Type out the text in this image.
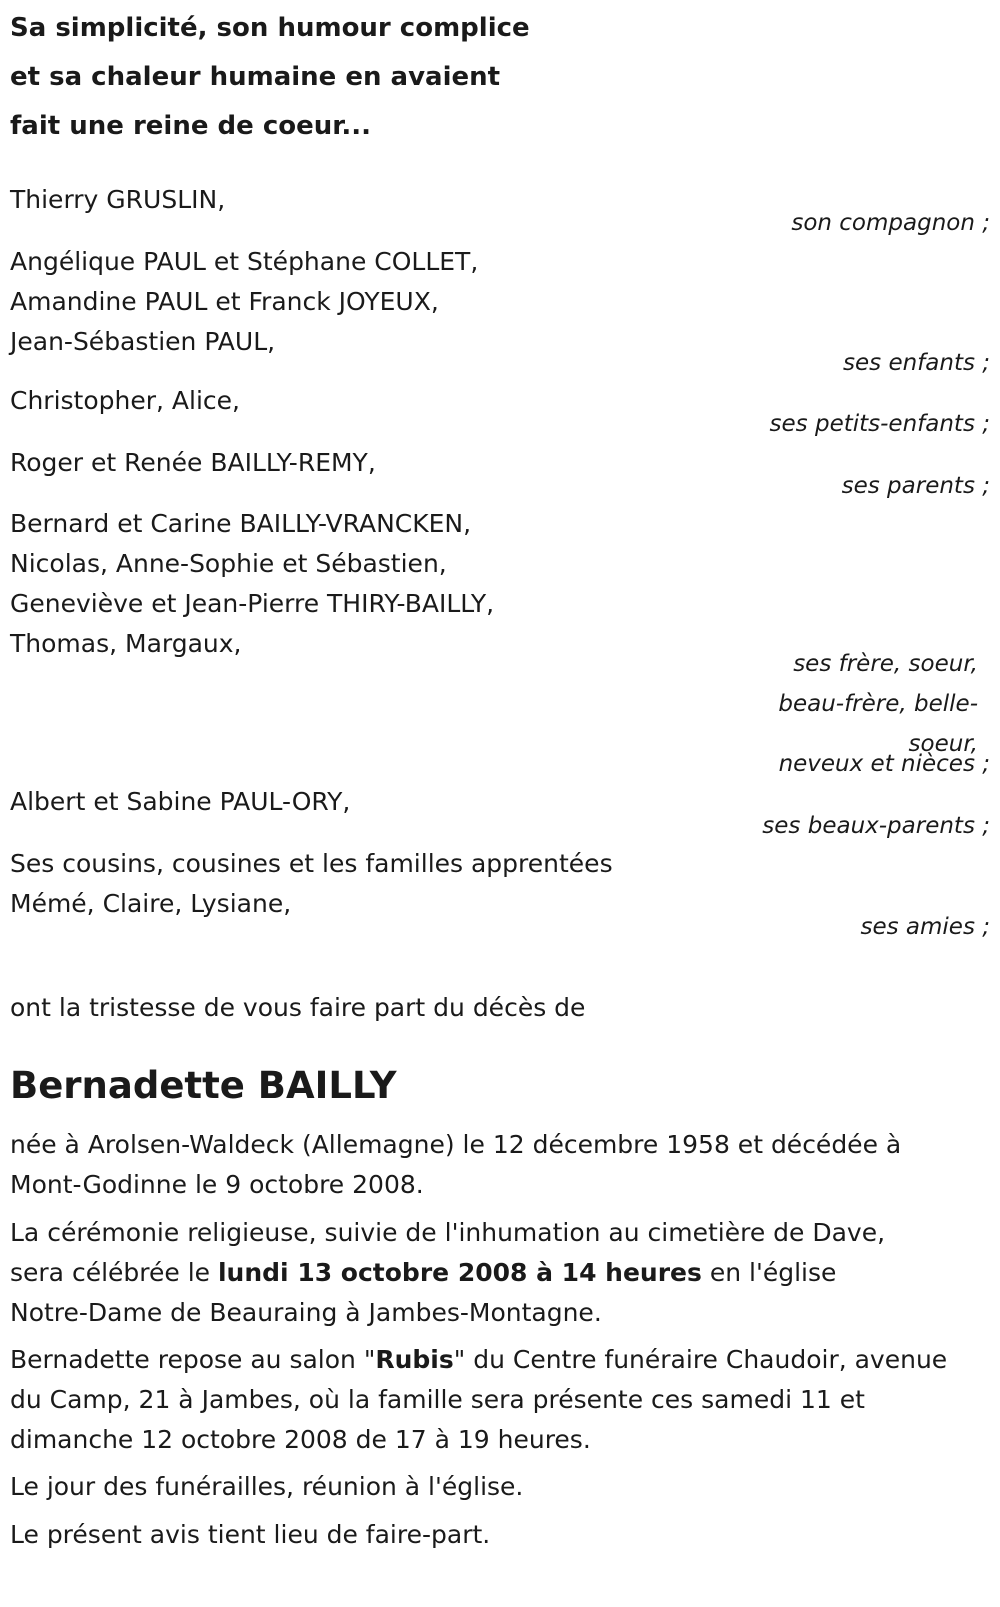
Sa simplicité, son humour complice
et sa chaleur humaine en avaient
fait une reine de coeur...
Thierry GRUSLIN,
son compagnon ;
Angélique PAUL et Stéphane COLLET,
Amandine PAUL et Franck JOYEUX,
Jean-Sébastien PAUL,
ses enfants ;
Christopher, Alice,
ses petits-enfants ;
Roger et Renée BAILLY-REMY,
ses parents ;
Bernard et Carine BAILLY-VRANCKEN,
Nicolas, Anne-Sophie et Sébastien,
Geneviève et Jean-Pierre THIRY-BAILLY,
Thomas, Margaux,
ses frère, soeur,
beau-frère, belle-
soeur,
neveux et nièces ;
Albert et Sabine PAUL-ORY,
ses beaux-parents ;
Ses cousins, cousines et les familles apprentées
Mémé, Claire, Lysiane,
ses amies ;
ont la tristesse de vous faire part du décès de
Bernadette BAILLY
née à Arolsen-Waldeck (Allemagne) le 12 décembre 1958 et décédée à
Mont-Godinne le 9 octobre 2008.
La cérémonie religieuse, suivie de l'inhumation au cimetière de Dave,
sera célébrée le lundi 13 octobre 2008 à 14 heures en l'église
Notre-Dame de Beauraing à Jambes-Montagne.
Bernadette repose au salon "Rubis" du Centre funéraire Chaudoir, avenue
du Camp, 21 à Jambes, où la famille sera présente ces samedi 11 et
dimanche 12 octobre 2008 de 17 à 19 heures.
Le jour des funérailles, réunion à l'église.
Le présent avis tient lieu de faire-part.
